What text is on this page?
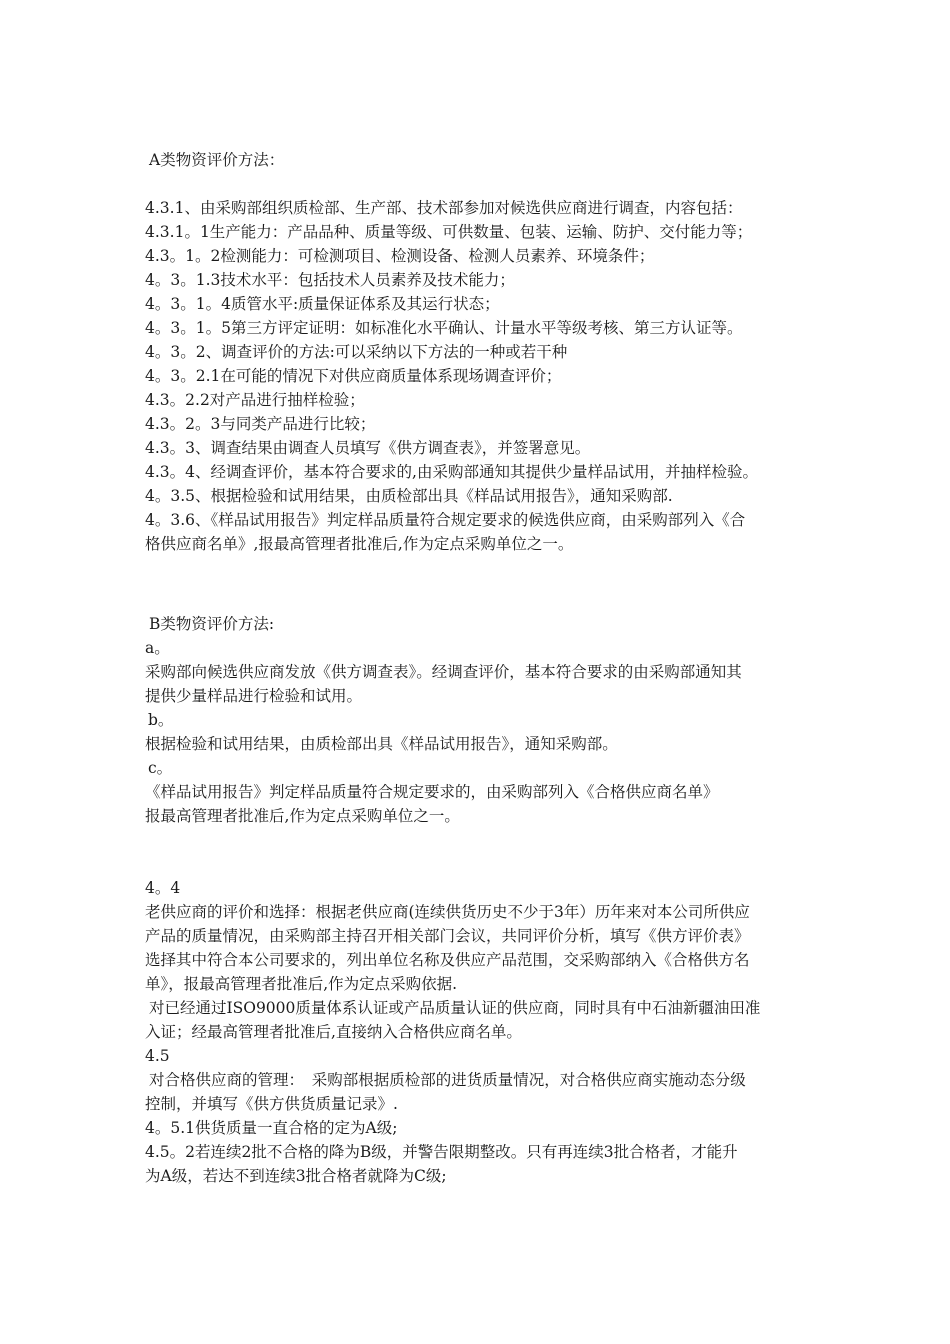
A类物资评价方法：

4.3.1、由采购部组织质检部、生产部、技术部参加对候选供应商进行调查，内容包括：

4.3.1。1生产能力：产品品种、质量等级、可供数量、包装、运输、防护、交付能力等；

4.3。1。2检测能力：可检测项目、检测设备、检测人员素养、环境条件；

4。3。1.3技术水平：包括技术人员素养及技术能力；

4。3。1。4质管水平:质量保证体系及其运行状态；

4。3。1。5第三方评定证明：如标准化水平确认、计量水平等级考核、第三方认证等。

4。3。2、调查评价的方法:可以采纳以下方法的一种或若干种

4。3。2.1在可能的情况下对供应商质量体系现场调查评价；

4.3。2.2对产品进行抽样检验；

4.3。2。3与同类产品进行比较；

4.3。3、调查结果由调查人员填写《供方调查表》，并签署意见。

4.3。4、经调查评价，基本符合要求的,由采购部通知其提供少量样品试用，并抽样检验。

4。3.5、根据检验和试用结果，由质检部出具《样品试用报告》，通知采购部.

4。3.6、《样品试用报告》判定样品质量符合规定要求的候选供应商，由采购部列入《合

格供应商名单》,报最高管理者批准后,作为定点采购单位之一。

B类物资评价方法:

a。

采购部向候选供应商发放《供方调查表》。经调查评价，基本符合要求的由采购部通知其

提供少量样品进行检验和试用。

b。

根据检验和试用结果，由质检部出具《样品试用报告》，通知采购部。

c。

《样品试用报告》判定样品质量符合规定要求的，由采购部列入《合格供应商名单》

报最高管理者批准后,作为定点采购单位之一。

4。4

老供应商的评价和选择：根据老供应商(连续供货历史不少于3年）历年来对本公司所供应

产品的质量情况，由采购部主持召开相关部门会议，共同评价分析，填写《供方评价表》

选择其中符合本公司要求的，列出单位名称及供应产品范围，交采购部纳入《合格供方名

单》，报最高管理者批准后,作为定点采购依据.

对已经通过ISO9000质量体系认证或产品质量认证的供应商，同时具有中石油新疆油田准

入证；经最高管理者批准后,直接纳入合格供应商名单。

4.5

对合格供应商的管理：　采购部根据质检部的进货质量情况，对合格供应商实施动态分级

控制，并填写《供方供货质量记录》.

4。5.1供货质量一直合格的定为A级;

4.5。2若连续2批不合格的降为B级，并警告限期整改。只有再连续3批合格者，才能升

为A级，若达不到连续3批合格者就降为C级;
